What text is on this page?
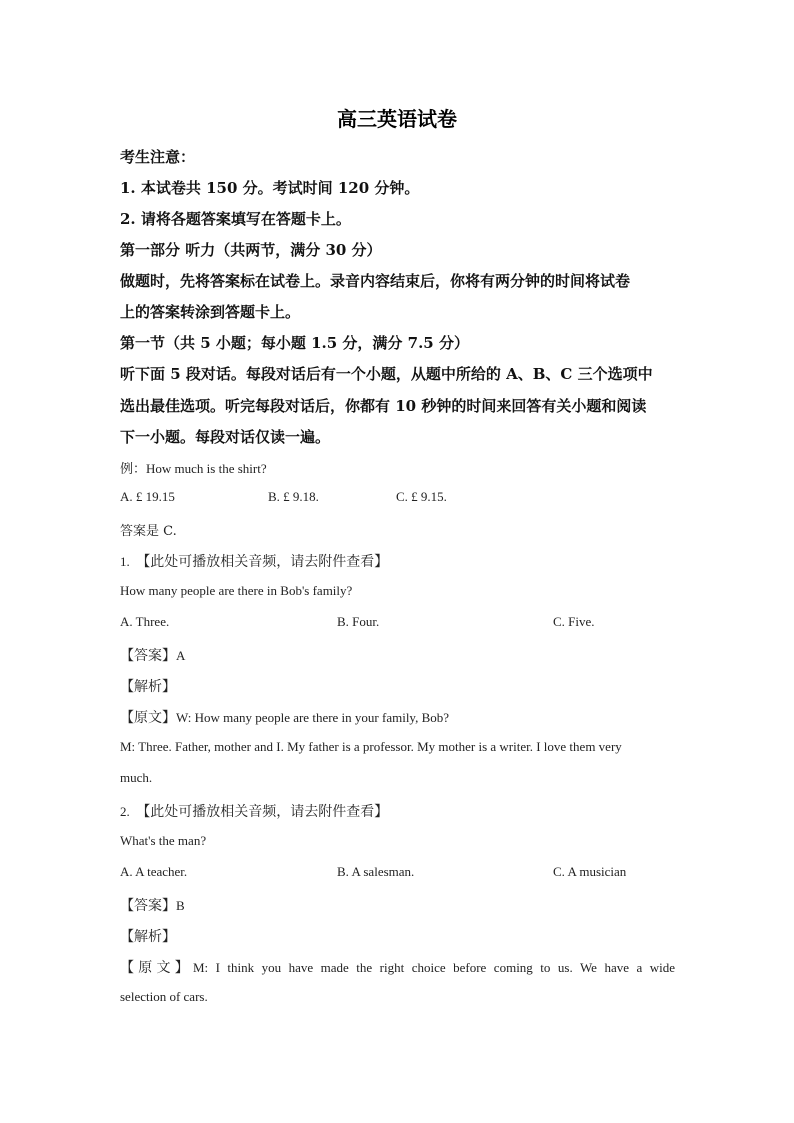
高三英语试卷
考生注意：
1. 本试卷共 150 分。考试时间 120 分钟。
2. 请将各题答案填写在答题卡上。
第一部分 听力（共两节，满分 30 分）
做题时，先将答案标在试卷上。录音内容结束后，你将有两分钟的时间将试卷
上的答案转涂到答题卡上。
第一节（共 5 小题；每小题 1.5 分，满分 7.5 分）
听下面 5 段对话。每段对话后有一个小题，从题中所给的 A、B、C 三个选项中
选出最佳选项。听完每段对话后，你都有 10 秒钟的时间来回答有关小题和阅读
下一小题。每段对话仅读一遍。
例：How much is the shirt?
A. £ 19.15	B. £ 9.18.	C. £ 9.15.
答案是 C.
1. 【此处可播放相关音频，请去附件查看】
How many people are there in Bob's family?
A. Three.	B. Four.	C. Five.
【答案】A
【解析】
【原文】W: How many people are there in your family, Bob?
M: Three. Father, mother and I. My father is a professor. My mother is a writer. I love them very
much.
2. 【此处可播放相关音频，请去附件查看】
What's the man?
A. A teacher.	B. A salesman.	C. A musician
【答案】B
【解析】
【原文】M: I think you have made the right choice before coming to us. We have a wide
selection of cars.
